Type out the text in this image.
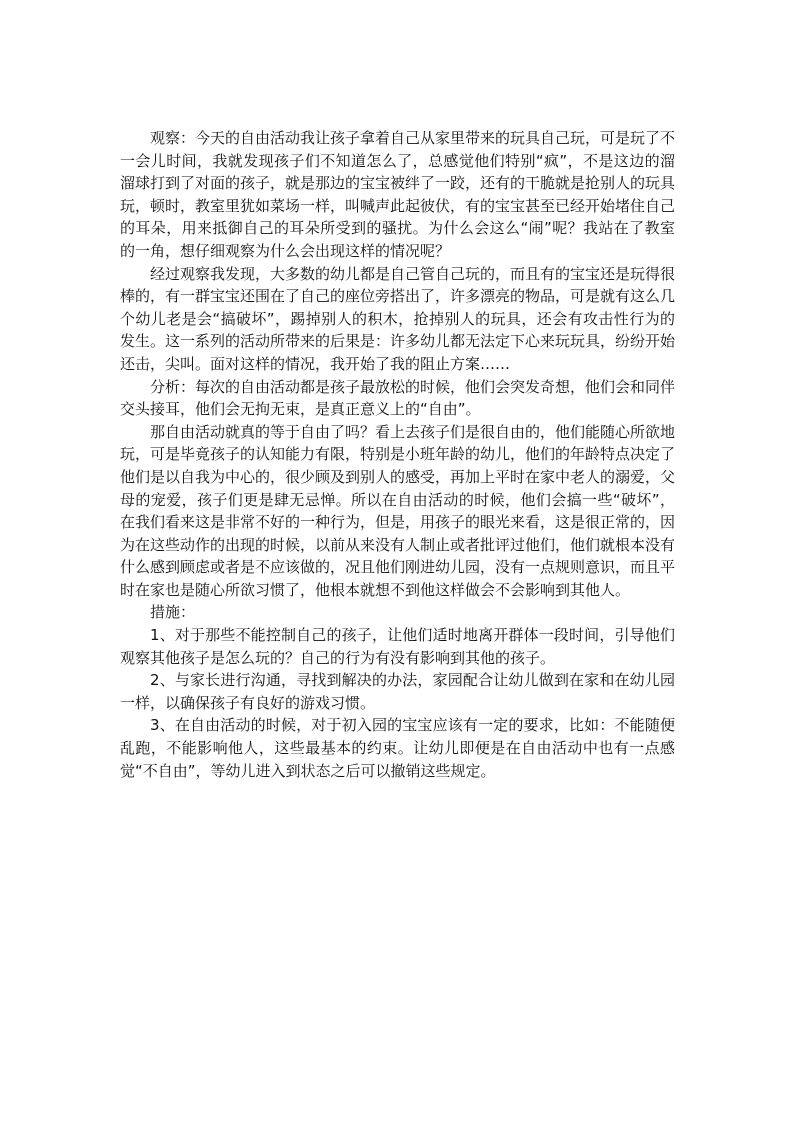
观察：今天的自由活动我让孩子拿着自己从家里带来的玩具自己玩，可是玩了不一会儿时间，我就发现孩子们不知道怎么了，总感觉他们特别“疯”，不是这边的溜溜球打到了对面的孩子，就是那边的宝宝被绊了一跤，还有的干脆就是抢别人的玩具玩，顿时，教室里犹如菜场一样，叫喊声此起彼伏，有的宝宝甚至已经开始堵住自己的耳朵，用来抵御自己的耳朵所受到的骚扰。为什么会这么“闹”呢？我站在了教室的一角，想仔细观察为什么会出现这样的情况呢？

经过观察我发现，大多数的幼儿都是自己管自己玩的，而且有的宝宝还是玩得很棒的，有一群宝宝还围在了自己的座位旁搭出了，许多漂亮的物品，可是就有这么几个幼儿老是会“搞破坏”，踢掉别人的积木，抢掉别人的玩具，还会有攻击性行为的发生。这一系列的活动所带来的后果是：许多幼儿都无法定下心来玩玩具，纷纷开始还击，尖叫。面对这样的情况，我开始了我的阻止方案……

分析：每次的自由活动都是孩子最放松的时候，他们会突发奇想，他们会和同伴交头接耳，他们会无拘无束，是真正意义上的“自由”。

那自由活动就真的等于自由了吗？看上去孩子们是很自由的，他们能随心所欲地玩，可是毕竟孩子的认知能力有限，特别是小班年龄的幼儿，他们的年龄特点决定了他们是以自我为中心的，很少顾及到别人的感受，再加上平时在家中老人的溺爱，父母的宠爱，孩子们更是肆无忌惮。所以在自由活动的时候，他们会搞一些“破坏”，在我们看来这是非常不好的一种行为，但是，用孩子的眼光来看，这是很正常的，因为在这些动作的出现的时候，以前从来没有人制止或者批评过他们，他们就根本没有什么感到顾虑或者是不应该做的，况且他们刚进幼儿园，没有一点规则意识，而且平时在家也是随心所欲习惯了，他根本就想不到他这样做会不会影响到其他人。

措施：

1、对于那些不能控制自己的孩子，让他们适时地离开群体一段时间，引导他们观察其他孩子是怎么玩的？自己的行为有没有影响到其他的孩子。

2、与家长进行沟通，寻找到解决的办法，家园配合让幼儿做到在家和在幼儿园一样，以确保孩子有良好的游戏习惯。

3、在自由活动的时候，对于初入园的宝宝应该有一定的要求，比如：不能随便乱跑，不能影响他人，这些最基本的约束。让幼儿即便是在自由活动中也有一点感觉“不自由”，等幼儿进入到状态之后可以撤销这些规定。
